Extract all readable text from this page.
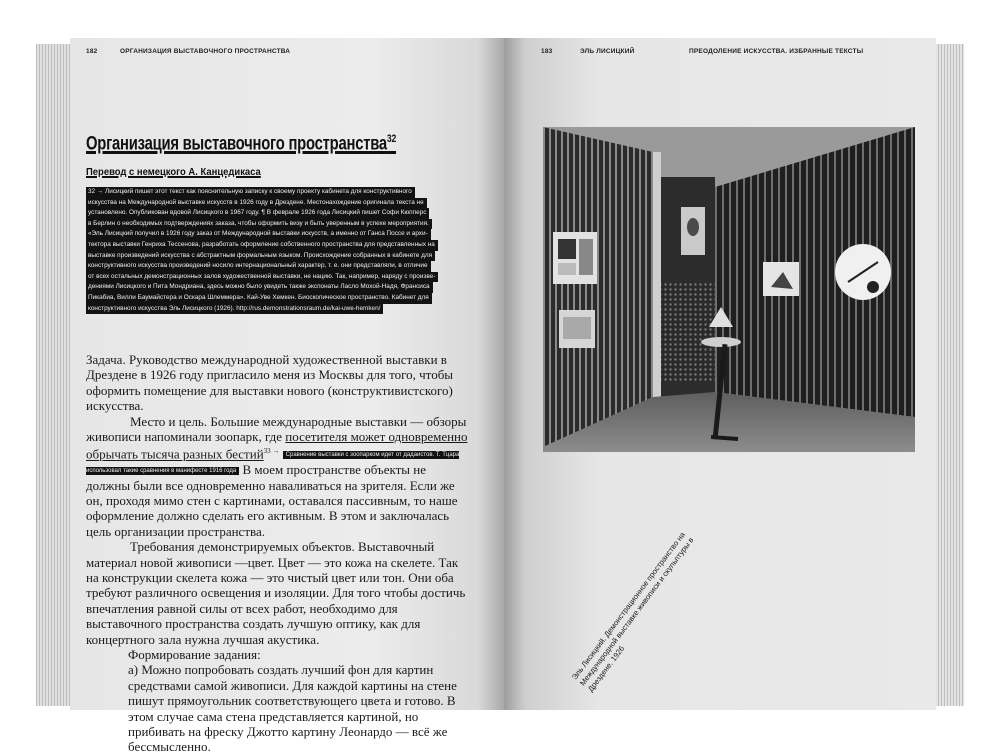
182	ОРГАНИЗАЦИЯ ВЫСТАВОЧНОГО ПРОСТРАНСТВА
Организация выставочного пространства$^{32}$
Перевод с немецкого А. Канцедикаса
32 → Лисицкий пишет этот текст как пояснительную записку к своему проекту кабинета для конструктивного
искусства на Международной выставке искусств в 1926 году в Дрездене. Местонахождение оригинала текста не
установлено. Опубликован вдовой Лисицкого в 1967 году. ¶ В феврале 1926 года Лисицкий пишет Софи Кюпперс
в Берлин о необходимых подтверждениях заказа, чтобы оформить визу и быть уверенным в успехе мероприятия.
«Эль Лисицкий получил в 1926 году заказ от Международной выставки искусств, а именно от Ганса Поссе и архи-
тектора выставки Генриха Тессенова, разработать оформление собственного пространства для представленных на
выставке произведений искусства с абстрактным формальным языком. Происхождение собранных в кабинете для
конструктивного искусства произведений носило интернациональный характер, т. е. они представляли, в отличие
от всех остальных демонстрационных залов художественной выставки, не нацию. Так, например, наряду с произве-
дениями Лисицкого и Пита Мондриана, здесь можно было увидеть также экспонаты Ласло Мохой-Надя, Франсиса
Пикабиа, Вилли Баумайстера и Оскара Шлеммера». Кай-Уве Хемкен. Биоскопическое пространство. Кабинет для
конструктивного искусства Эль Лисицкого (1926). http://rus.demonstrationsraum.de/kai-uwe-hemken/

Задача. Руководство международной художественной выставки в Дрездене в 1926 году пригласило меня из Москвы для того, чтобы оформить помещение для выставки нового (конструктивистского) искусства.

Место и цель. Большие международные выставки — обзоры живописи напоминали зоопарк, где посетителя может одновременно обрычать тысяча разных бестий$^{33 \to}$ Сравнение выставки с зоопарком идет от дадаистов. Т. Тцара использовал такие сравнения в манифесте 1916 года В моем пространстве объекты не должны были все одновременно наваливаться на зрителя. Если же он, проходя мимо стен с картинами, оставался пассивным, то наше оформление должно сделать его активным. В этом и заключалась цель организации пространства.

Требования демонстрируемых объектов. Выставочный материал новой живописи —цвет. Цвет — это кожа на скелете. Так на конструкции скелета кожа — это чистый цвет или тон. Они оба требуют различного освещения и изоляции. Для того чтобы достичь впечатления равной силы от всех работ, необходимо для выставочного пространства создать лучшую оптику, как для концертного зала нужна лучшая акустика.

Формирование задания:

а) Можно попробовать создать лучший фон для картин средствами самой живописи. Для каждой картины на стене пишут прямоугольник соответствующего цвета и готово. В этом случае сама стена представляется картиной, но прибивать на фреску Джотто картину Леонардо — всё же бессмысленно.

183	ЭЛЬ ЛИСИЦКИЙ	ПРЕОДОЛЕНИЕ ИСКУССТВА. ИЗБРАННЫЕ ТЕКСТЫ
Эль Лисицкий. Демонстрационное пространство на Международной выставке живописи и скульптуры в Дрездене. 1926
